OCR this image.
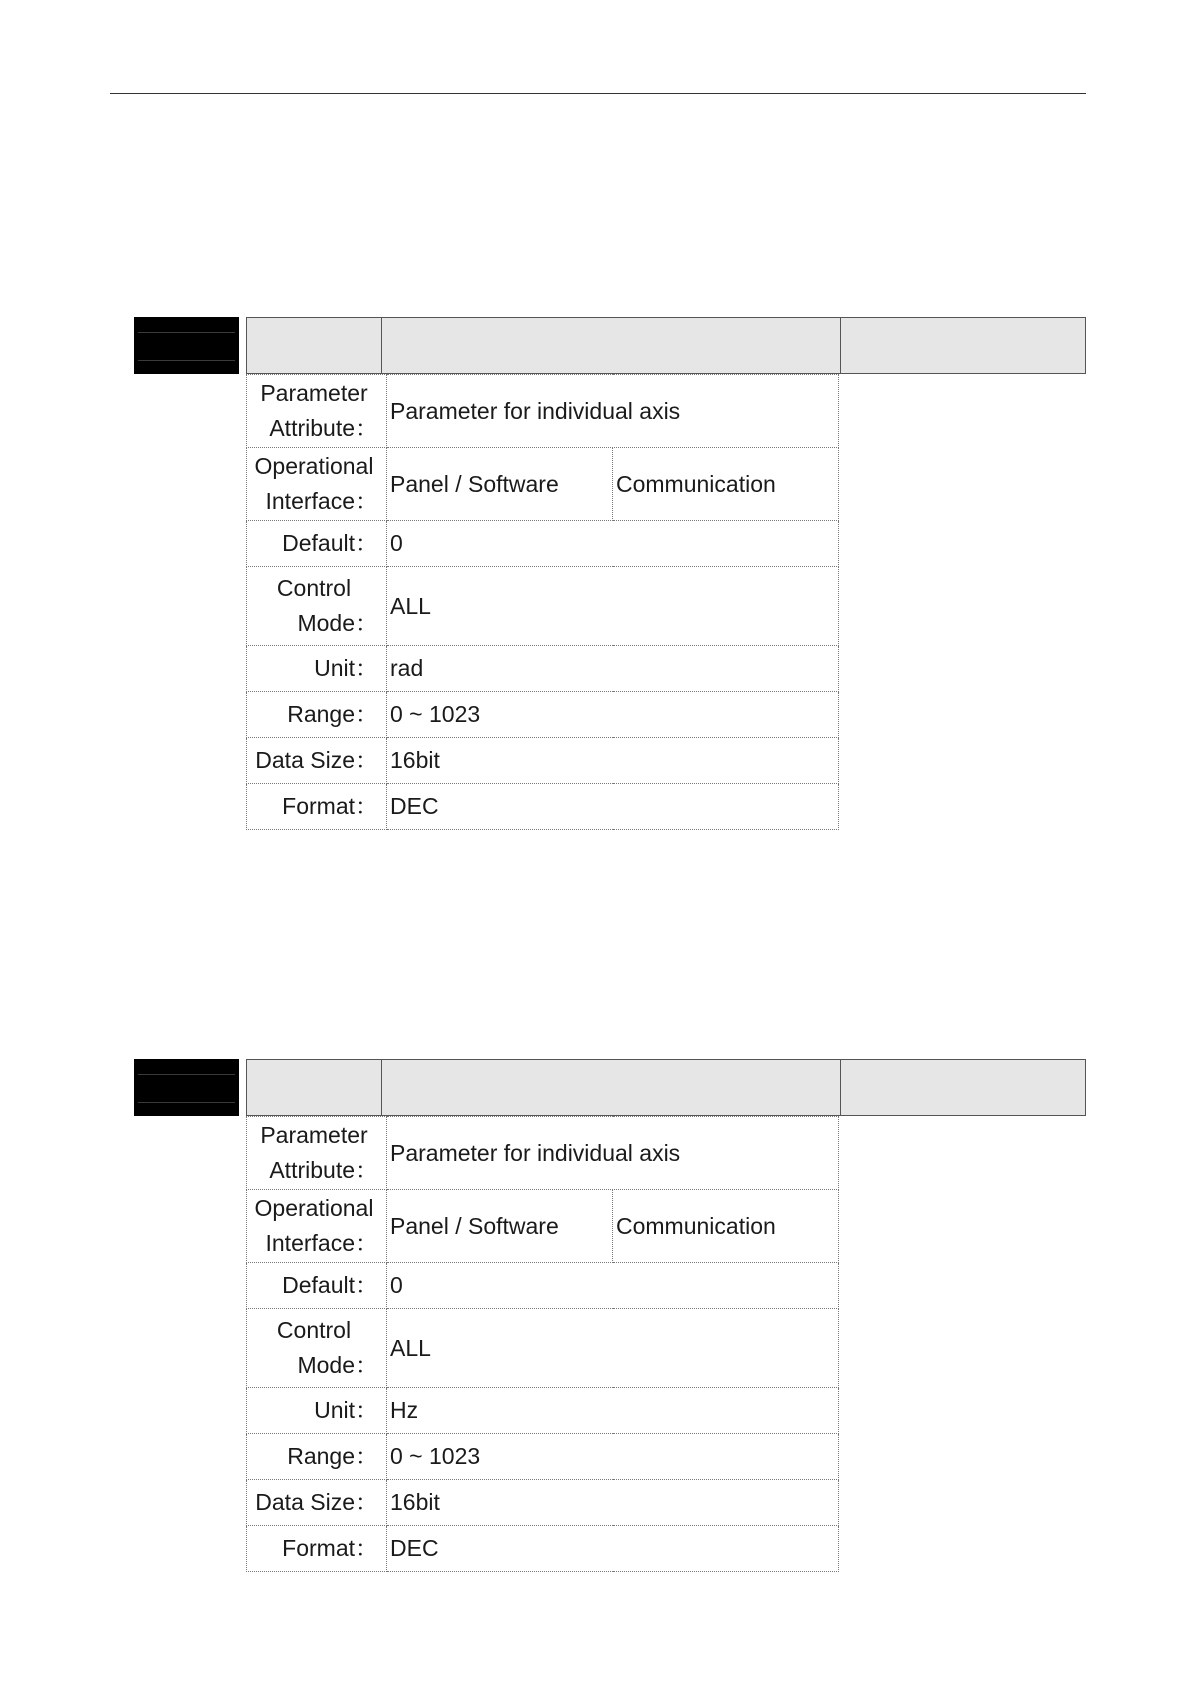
Parameter
Attribute：	Parameter for individual axis	

Operational
Interface：	Panel / Software	Communication
Default：	0	

Control
Mode：	ALL	
Unit：	rad	
Range：	0 ~ 1023	
Data Size：	16bit	
Format：	DEC	
Parameter
Attribute：	Parameter for individual axis	

Operational
Interface：	Panel / Software	Communication
Default：	0	

Control
Mode：	ALL	
Unit：	Hz	
Range：	0 ~ 1023	
Data Size：	16bit	
Format：	DEC	
